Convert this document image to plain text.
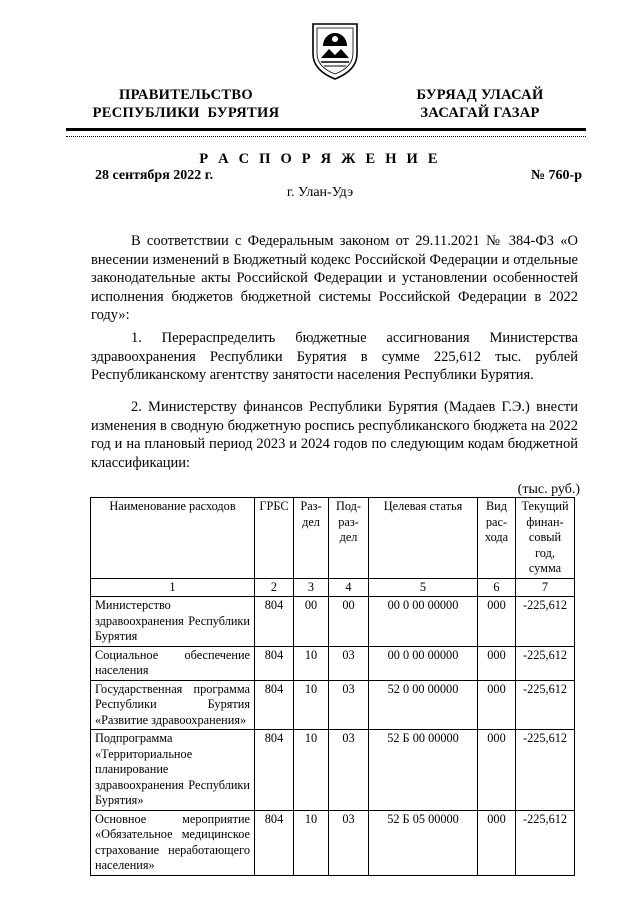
ПРАВИТЕЛЬСТВО
РЕСПУБЛИКИ  БУРЯТИЯ
БУРЯАД УЛАСАЙ
ЗАСАГАЙ ГАЗАР
Р А С П О Р Я Ж Е Н И Е
28 сентября 2022 г.	№ 760-р
г. Улан-Удэ

В соответствии с Федеральным законом от 29.11.2021 № 384-ФЗ «О внесении изменений в Бюджетный кодекс Российской Федерации и отдельные законодательные акты Российской Федерации и установлении особенностей исполнения бюджетов бюджетной системы Российской Федерации в 2022 году»:

1. Перераспределить бюджетные ассигнования Министерства здравоохранения Республики Бурятия в сумме 225,612 тыс. рублей Республиканскому агентству занятости населения Республики Бурятия.

2. Министерству финансов Республики Бурятия (Мадаев Г.Э.) внести изменения в сводную бюджетную роспись республиканского бюджета на 2022 год и на плановый период 2023 и 2024 годов по следующим кодам бюджетной классификации:

(тыс. руб.)
Наименование расходов	ГРБС	Раз-дел	Под-раз-дел	Целевая статья	Вид рас-хода	Текущий финан-совый год, сумма
1	2	3	4	5	6	7
Министерство здравоохранения Республики Бурятия	804	00	00	00 0 00 00000	000	-225,612
Социальное обеспечение населения	804	10	03	00 0 00 00000	000	-225,612
Государственная программа Республики Бурятия «Развитие здравоохранения»	804	10	03	52 0 00 00000	000	-225,612
Подпрограмма «Территориальное планирование здравоохранения Республики Бурятия»	804	10	03	52 Б 00 00000	000	-225,612
Основное мероприятие «Обязательное медицинское страхование неработающего населения»	804	10	03	52 Б 05 00000	000	-225,612
